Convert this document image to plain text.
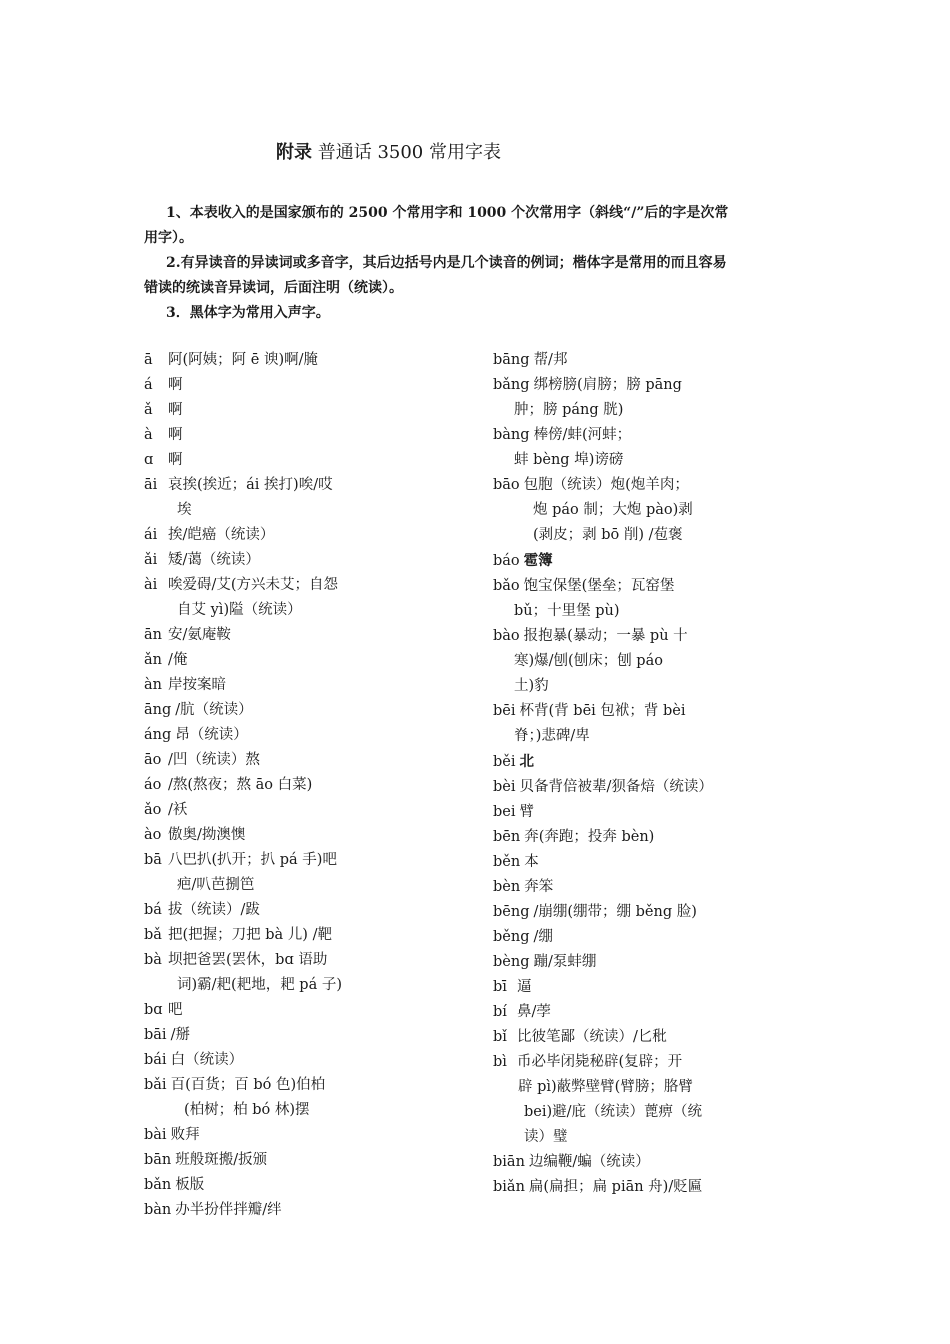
附录 普通话 3500 常用字表
1、本表收入的是国家颁布的 2500 个常用字和 1000 个次常用字（斜线“/”后的字是次常
用字）。
2.有异读音的异读词或多音字，其后边括号内是几个读音的例词；楷体字是常用的而且容易
错读的统读音异读词，后面注明（统读）。
3．黑体字为常用入声字。
ā 阿(阿姨；阿 ē 谀)啊/腌
á 啊
ǎ 啊
à 啊
ɑ 啊
āi 哀挨(挨近；ái 挨打)唉/哎
埃
ái 挨/皑癌（统读）
ǎi 矮/蔼（统读）
ài 唉爱碍/艾(方兴未艾；自怨
自艾 yì)隘（统读）
ān 安/氨庵鞍
ǎn /俺
àn 岸按案暗
āng /肮（统读）
áng 昂（统读）
āo /凹（统读）熬
áo /熬(熬夜；熬 āo 白菜)
ǎo /袄
ào 傲奥/拗澳懊
bā 八巴扒(扒开；扒 pá 手)吧
疤/叭芭捌笆
bá 拔（统读）/跋
bǎ 把(把握；刀把 bà 儿) /靶
bà 坝把爸罢(罢休，bɑ 语助
词)霸/耙(耙地，耙 pá 子)
bɑ 吧
bāi /掰
bái 白（统读）
bǎi 百(百货；百 bó 色)伯柏
(柏树；柏 bó 林)摆
bài 败拜
bān 班般斑搬/扳颁
bǎn 板版
bàn 办半扮伴拌瓣/绊
bāng 帮/邦
bǎng 绑榜膀(肩膀；膀 pāng
肿；膀 páng 胱)
bàng 棒傍/蚌(河蚌；
蚌 bèng 埠)谤磅
bāo 包胞（统读）炮(炮羊肉；
炮 páo 制；大炮 pào)剥
(剥皮；剥 bō 削) /苞褒
báo 雹簿
bǎo 饱宝保堡(堡垒；瓦窑堡
bǔ；十里堡 pù)
bào 报抱暴(暴动；一暴 pù 十
寒)爆/刨(刨床；刨 páo
土)豹
bēi 杯背(背 bēi 包袱；背 bèi
脊；)悲碑/卑
běi 北
bèi 贝备背倍被辈/狈备焙（统读）
bei 臂
bēn 奔(奔跑；投奔 bèn)
běn 本
bèn 奔笨
bēng /崩绷(绷带；绷 běng 脸)
běng /绷
bèng 蹦/泵蚌绷
bī 逼
bí 鼻/荸
bǐ 比彼笔鄙（统读）/匕秕
bì 币必毕闭毙秘辟(复辟；开
辟 pì)蔽弊壁臂(臂膀；胳臂
bei)避/庇（统读）蓖痹（统
读）璧
biān 边编鞭/蝙（统读）
biǎn 扁(扁担；扁 piān 舟)/贬匾
